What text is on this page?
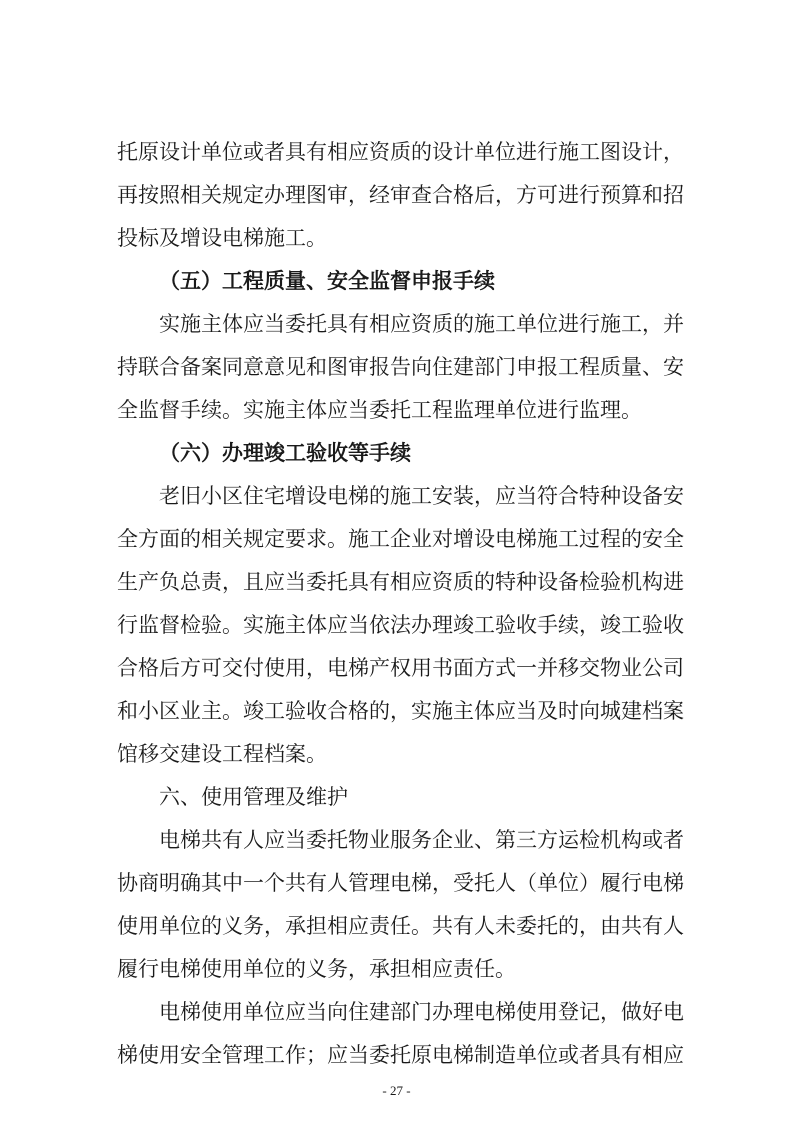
托原设计单位或者具有相应资质的设计单位进行施工图设计，
再按照相关规定办理图审，经审查合格后，方可进行预算和招
投标及增设电梯施工。
（五）工程质量、安全监督申报手续
实施主体应当委托具有相应资质的施工单位进行施工，并
持联合备案同意意见和图审报告向住建部门申报工程质量、安
全监督手续。实施主体应当委托工程监理单位进行监理。
（六）办理竣工验收等手续
老旧小区住宅增设电梯的施工安装，应当符合特种设备安
全方面的相关规定要求。施工企业对增设电梯施工过程的安全
生产负总责，且应当委托具有相应资质的特种设备检验机构进
行监督检验。实施主体应当依法办理竣工验收手续，竣工验收
合格后方可交付使用，电梯产权用书面方式一并移交物业公司
和小区业主。竣工验收合格的，实施主体应当及时向城建档案
馆移交建设工程档案。
六、使用管理及维护
电梯共有人应当委托物业服务企业、第三方运检机构或者
协商明确其中一个共有人管理电梯，受托人（单位）履行电梯
使用单位的义务，承担相应责任。共有人未委托的，由共有人
履行电梯使用单位的义务，承担相应责任。
电梯使用单位应当向住建部门办理电梯使用登记，做好电
梯使用安全管理工作；应当委托原电梯制造单位或者具有相应
- 27 -
